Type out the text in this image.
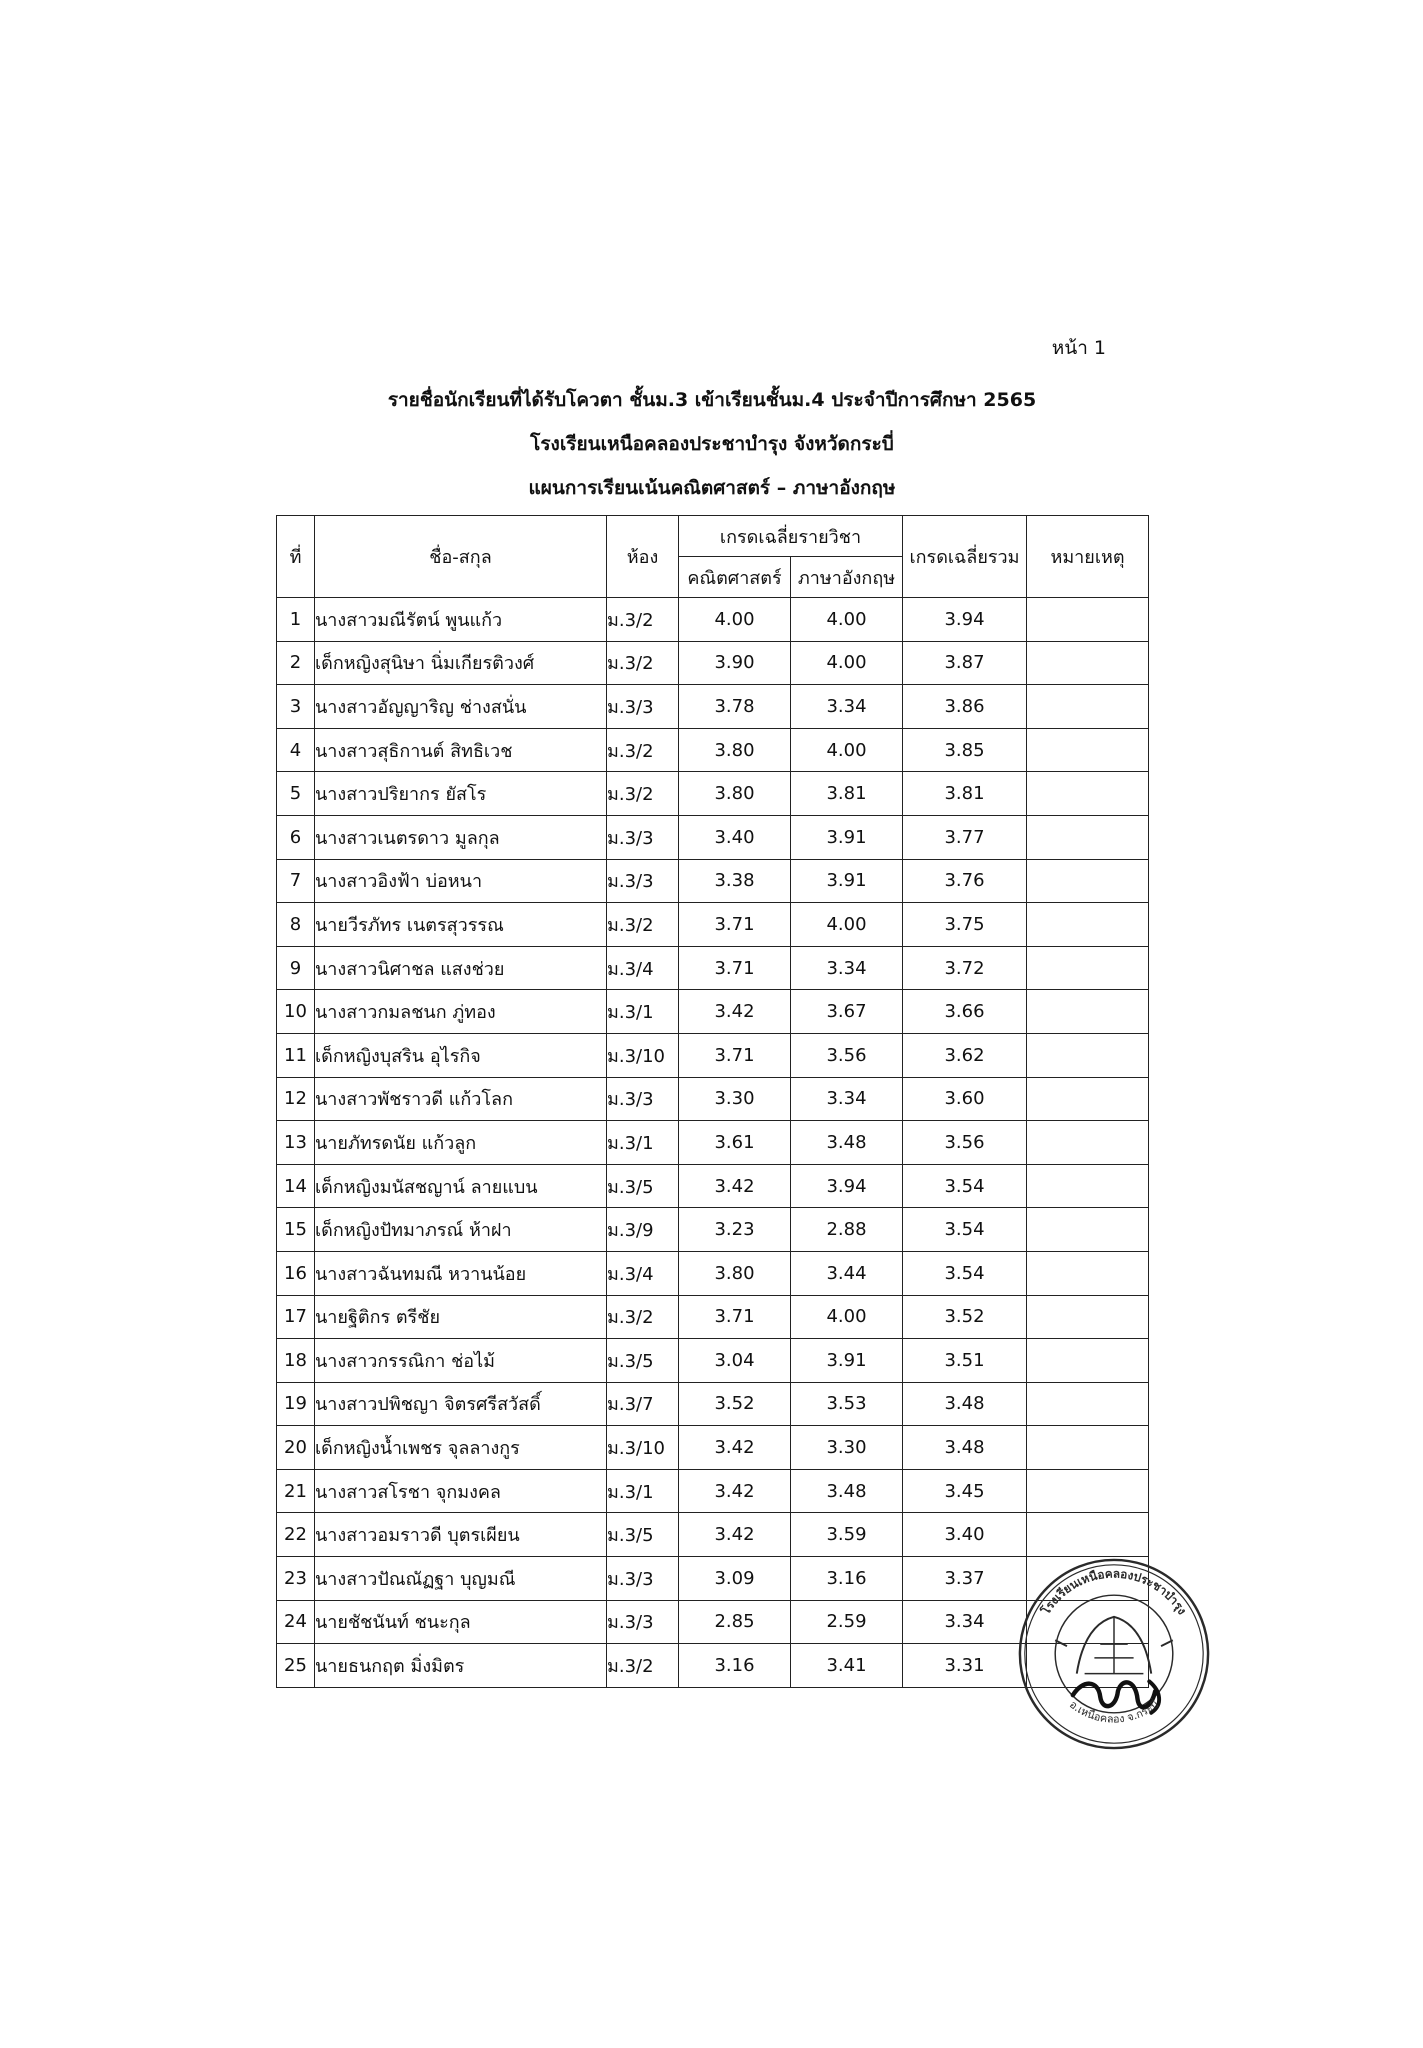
หน้า 1
รายชื่อนักเรียนที่ได้รับโควตา ชั้นม.3 เข้าเรียนชั้นม.4 ประจำปีการศึกษา 2565
โรงเรียนเหนือคลองประชาบำรุง จังหวัดกระบี่
แผนการเรียนเน้นคณิตศาสตร์ – ภาษาอังกฤษ
ที่	ชื่อ-สกุล	ห้อง	เกรดเฉลี่ยรายวิชา		เกรดเฉลี่ยรวม	หมายเหตุ
			คณิตศาสตร์	ภาษาอังกฤษ		
1	นางสาวมณีรัตน์ พูนแก้ว	ม.3/2	4.00	4.00	3.94	
2	เด็กหญิงสุนิษา นิ่มเกียรติวงศ์	ม.3/2	3.90	4.00	3.87	
3	นางสาวอัญญาริญ ช่างสนั่น	ม.3/3	3.78	3.34	3.86	
4	นางสาวสุธิกานต์ สิทธิเวช	ม.3/2	3.80	4.00	3.85	
5	นางสาวปริยากร ยัสโร	ม.3/2	3.80	3.81	3.81	
6	นางสาวเนตรดาว มูลกุล	ม.3/3	3.40	3.91	3.77	
7	นางสาวอิงฟ้า บ่อหนา	ม.3/3	3.38	3.91	3.76	
8	นายวีรภัทร เนตรสุวรรณ	ม.3/2	3.71	4.00	3.75	
9	นางสาวนิศาชล แสงช่วย	ม.3/4	3.71	3.34	3.72	
10	นางสาวกมลชนก ภู่ทอง	ม.3/1	3.42	3.67	3.66	
11	เด็กหญิงบุสริน อุไรกิจ	ม.3/10	3.71	3.56	3.62	
12	นางสาวพัชราวดี แก้วโลก	ม.3/3	3.30	3.34	3.60	
13	นายภัทรดนัย แก้วลูก	ม.3/1	3.61	3.48	3.56	
14	เด็กหญิงมนัสชญาน์ ลายแบน	ม.3/5	3.42	3.94	3.54	
15	เด็กหญิงปัทมาภรณ์ ห้าฝา	ม.3/9	3.23	2.88	3.54	
16	นางสาวฉันทมณี หวานน้อย	ม.3/4	3.80	3.44	3.54	
17	นายฐิติกร ตรีชัย	ม.3/2	3.71	4.00	3.52	
18	นางสาวกรรณิกา ช่อไม้	ม.3/5	3.04	3.91	3.51	
19	นางสาวปพิชญา จิตรศรีสวัสดิ์	ม.3/7	3.52	3.53	3.48	
20	เด็กหญิงน้ำเพชร จุลลางกูร	ม.3/10	3.42	3.30	3.48	
21	นางสาวสโรชา จุกมงคล	ม.3/1	3.42	3.48	3.45	
22	นางสาวอมราวดี บุตรเผียน	ม.3/5	3.42	3.59	3.40	
23	นางสาวปัณณัฏฐา บุญมณี	ม.3/3	3.09	3.16	3.37	
24	นายชัชนันท์ ชนะกุล	ม.3/3	2.85	2.59	3.34	
25	นายธนกฤต มิ่งมิตร	ม.3/2	3.16	3.41	3.31	
โรงเรียนเหนือคลองประชาบำรุง
อ.เหนือคลอง จ.กระบี่
